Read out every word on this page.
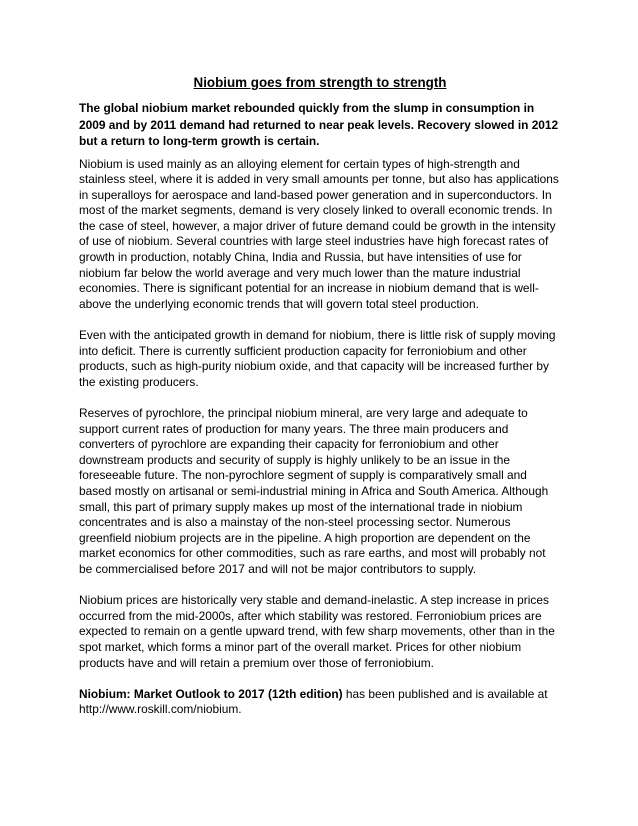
Niobium goes from strength to strength
The global niobium market rebounded quickly from the slump in consumption in 2009 and by 2011 demand had returned to near peak levels. Recovery slowed in 2012 but a return to long-term growth is certain.
Niobium is used mainly as an alloying element for certain types of high-strength and stainless steel, where it is added in very small amounts per tonne, but also has applications in superalloys for aerospace and land-based power generation and in superconductors. In most of the market segments, demand is very closely linked to overall economic trends. In the case of steel, however, a major driver of future demand could be growth in the intensity of use of niobium. Several countries with large steel industries have high forecast rates of growth in production, notably China, India and Russia, but have intensities of use for niobium far below the world average and very much lower than the mature industrial economies. There is significant potential for an increase in niobium demand that is well-above the underlying economic trends that will govern total steel production.
Even with the anticipated growth in demand for niobium, there is little risk of supply moving into deficit. There is currently sufficient production capacity for ferroniobium and other products, such as high-purity niobium oxide, and that capacity will be increased further by the existing producers.
Reserves of pyrochlore, the principal niobium mineral, are very large and adequate to support current rates of production for many years. The three main producers and converters of pyrochlore are expanding their capacity for ferroniobium and other downstream products and security of supply is highly unlikely to be an issue in the foreseeable future. The non-pyrochlore segment of supply is comparatively small and based mostly on artisanal or semi-industrial mining in Africa and South America. Although small, this part of primary supply makes up most of the international trade in niobium concentrates and is also a mainstay of the non-steel processing sector. Numerous greenfield niobium projects are in the pipeline. A high proportion are dependent on the market economics for other commodities, such as rare earths, and most will probably not be commercialised before 2017 and will not be major contributors to supply.
Niobium prices are historically very stable and demand-inelastic. A step increase in prices occurred from the mid-2000s, after which stability was restored. Ferroniobium prices are expected to remain on a gentle upward trend, with few sharp movements, other than in the spot market, which forms a minor part of the overall market. Prices for other niobium products have and will retain a premium over those of ferroniobium.
Niobium: Market Outlook to 2017 (12th edition) has been published and is available at http://www.roskill.com/niobium.
